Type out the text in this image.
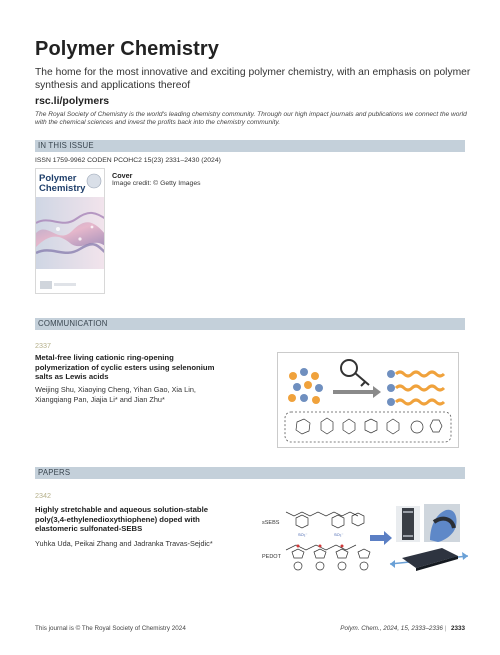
Polymer Chemistry
The home for the most innovative and exciting polymer chemistry, with an emphasis on polymer synthesis and applications thereof
rsc.li/polymers
The Royal Society of Chemistry is the world's leading chemistry community. Through our high impact journals and publications we connect the world with the chemical sciences and invest the profits back into the chemistry community.
IN THIS ISSUE
ISSN 1759-9962 CODEN PCOHC2 15(23) 2331–2430 (2024)
Polymer
Chemistry
Cover
Image credit: © Getty Images
COMMUNICATION
2337
Metal-free living cationic ring-opening
polymerization of cyclic esters using selenonium
salts as Lewis acids
Weijing Shu, Xiaoying Cheng, Yihan Gao, Xia Lin,
Xiangqiang Pan, Jiajia Li* and Jian Zhu*
PAPERS
2342
Highly stretchable and aqueous solution-stable
poly(3,4-ethylenedioxythiophene) doped with
elastomeric sulfonated-SEBS
Yuhka Uda, Peikai Zhang and Jadranka Travas-Sejdic*
sSEBS
PEDOT
SO₃⁻	SO₃⁻
This journal is © The Royal Society of Chemistry 2024	Polym. Chem., 2024, 15, 2333–2336 | 2333
